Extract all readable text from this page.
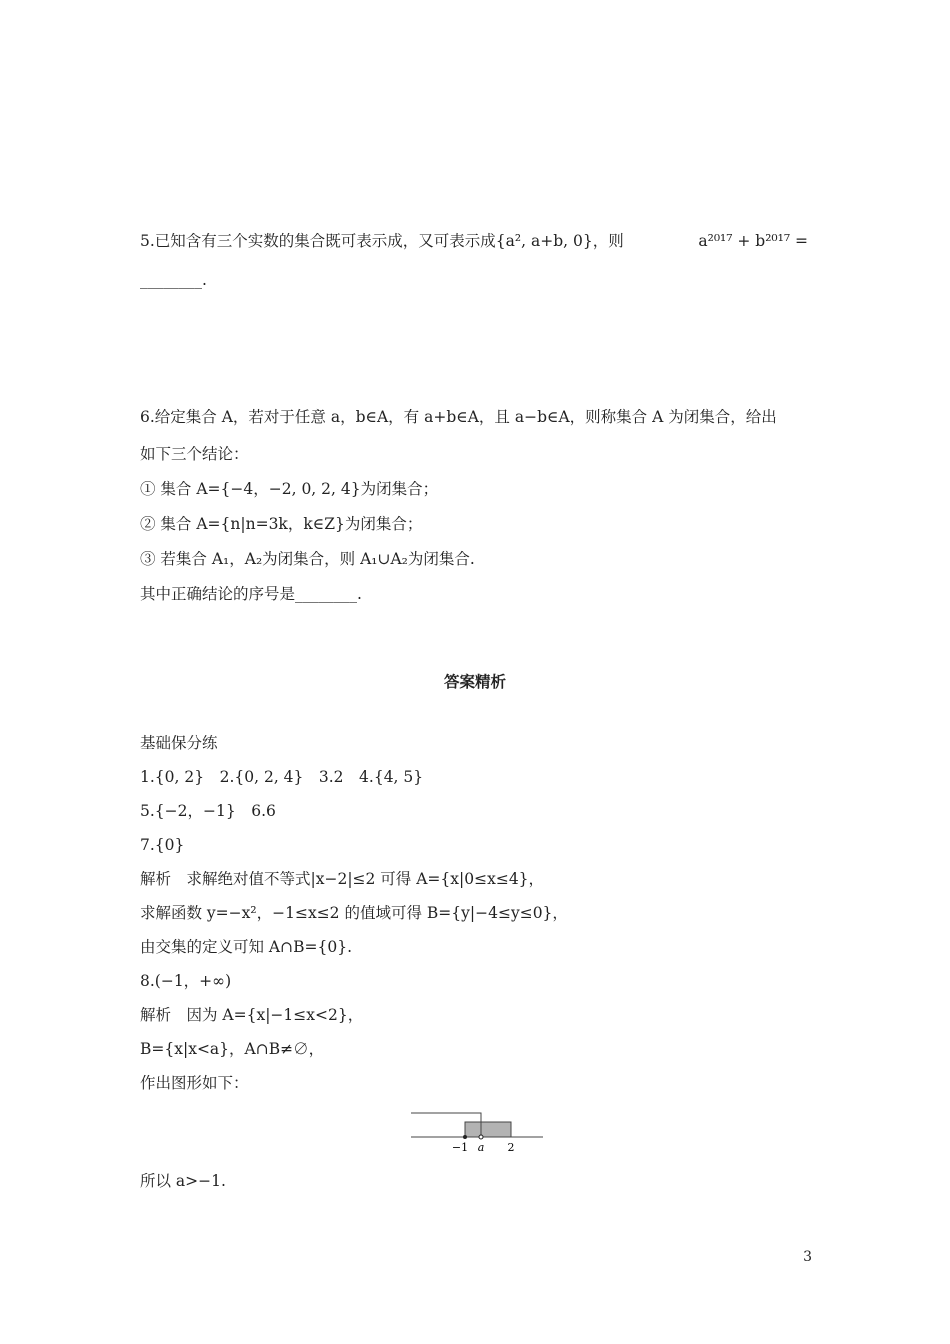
5.已知含有三个实数的集合既可表示成，又可表示成{a², a+b, 0}，则	a²⁰¹⁷ + b²⁰¹⁷ =
________.
6.给定集合 A，若对于任意 a，b∈A，有 a+b∈A，且 a−b∈A，则称集合 A 为闭集合，给出
如下三个结论：
① 集合 A={−4，−2, 0, 2, 4}为闭集合；
② 集合 A={n|n=3k，k∈Z}为闭集合；
③ 若集合 A₁，A₂为闭集合，则 A₁∪A₂为闭集合.
其中正确结论的序号是________.
答案精析
基础保分练
1.{0, 2}　2.{0, 2, 4}　3.2　4.{4, 5}
5.{−2，−1}　6.6
7.{0}
解析　求解绝对值不等式|x−2|≤2 可得 A={x|0≤x≤4}，
求解函数 y=−x²，−1≤x≤2 的值域可得 B={y|−4≤y≤0}，
由交集的定义可知 A∩B={0}.
8.(−1，+∞)
解析　因为 A={x|−1≤x<2}，
B={x|x<a}，A∩B≠∅，
作出图形如下：
−1 a 2
所以 a>−1.
3
